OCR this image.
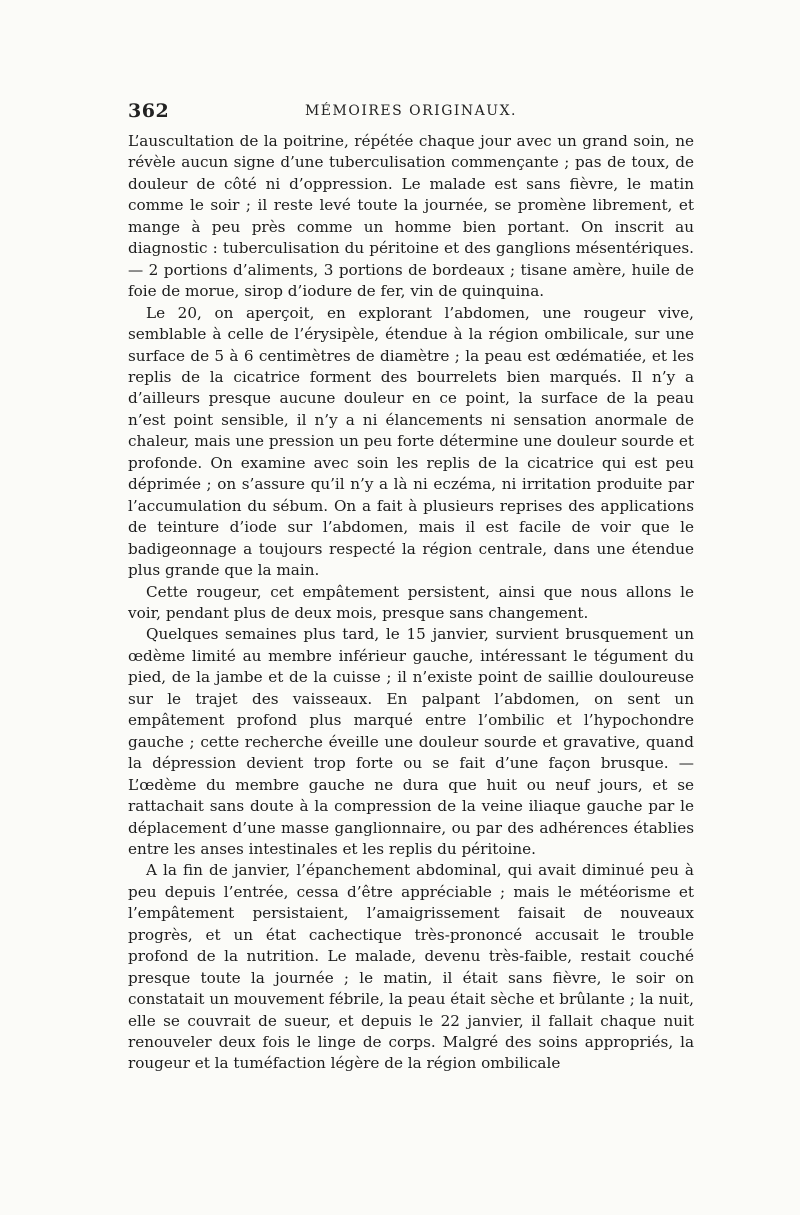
362	MÉMOIRES ORIGINAUX.

L’auscultation de la poitrine, répétée chaque jour avec un grand soin, ne révèle aucun signe d’une tuberculisation commençante ; pas de toux, de douleur de côté ni d’oppression. Le malade est sans fièvre, le matin comme le soir ; il reste levé toute la journée, se promène librement, et mange à peu près comme un homme bien portant. On inscrit au diagnostic : tuberculisation du péritoine et des ganglions mésentériques. — 2 portions d’aliments, 3 portions de bordeaux ; tisane amère, huile de foie de morue, sirop d’iodure de fer, vin de quinquina.

Le 20, on aperçoit, en explorant l’abdomen, une rougeur vive, semblable à celle de l’érysipèle, étendue à la région ombilicale, sur une surface de 5 à 6 centimètres de diamètre ; la peau est œdématiée, et les replis de la cicatrice forment des bourrelets bien marqués. Il n’y a d’ailleurs presque aucune douleur en ce point, la surface de la peau n’est point sensible, il n’y a ni élancements ni sensation anormale de chaleur, mais une pression un peu forte détermine une douleur sourde et profonde. On examine avec soin les replis de la cicatrice qui est peu déprimée ; on s’assure qu’il n’y a là ni eczéma, ni irritation produite par l’accumulation du sébum. On a fait à plusieurs reprises des applications de teinture d’iode sur l’abdomen, mais il est facile de voir que le badigeonnage a toujours respecté la région centrale, dans une étendue plus grande que la main.

Cette rougeur, cet empâtement persistent, ainsi que nous allons le voir, pendant plus de deux mois, presque sans changement.

Quelques semaines plus tard, le 15 janvier, survient brusquement un œdème limité au membre inférieur gauche, intéressant le tégument du pied, de la jambe et de la cuisse ; il n’existe point de saillie douloureuse sur le trajet des vaisseaux. En palpant l’abdomen, on sent un empâtement profond plus marqué entre l’ombilic et l’hypochondre gauche ; cette recherche éveille une douleur sourde et gravative, quand la dépression devient trop forte ou se fait d’une façon brusque. — L’œdème du membre gauche ne dura que huit ou neuf jours, et se rattachait sans doute à la compression de la veine iliaque gauche par le déplacement d’une masse ganglionnaire, ou par des adhérences établies entre les anses intestinales et les replis du péritoine.

A la fin de janvier, l’épanchement abdominal, qui avait diminué peu à peu depuis l’entrée, cessa d’être appréciable ; mais le météorisme et l’empâtement persistaient, l’amaigrissement faisait de nouveaux progrès, et un état cachectique très-prononcé accusait le trouble profond de la nutrition. Le malade, devenu très-faible, restait couché presque toute la journée ; le matin, il était sans fièvre, le soir on constatait un mouvement fébrile, la peau était sèche et brûlante ; la nuit, elle se couvrait de sueur, et depuis le 22 janvier, il fallait chaque nuit renouveler deux fois le linge de corps. Malgré des soins appropriés, la rougeur et la tuméfaction légère de la région ombilicale
